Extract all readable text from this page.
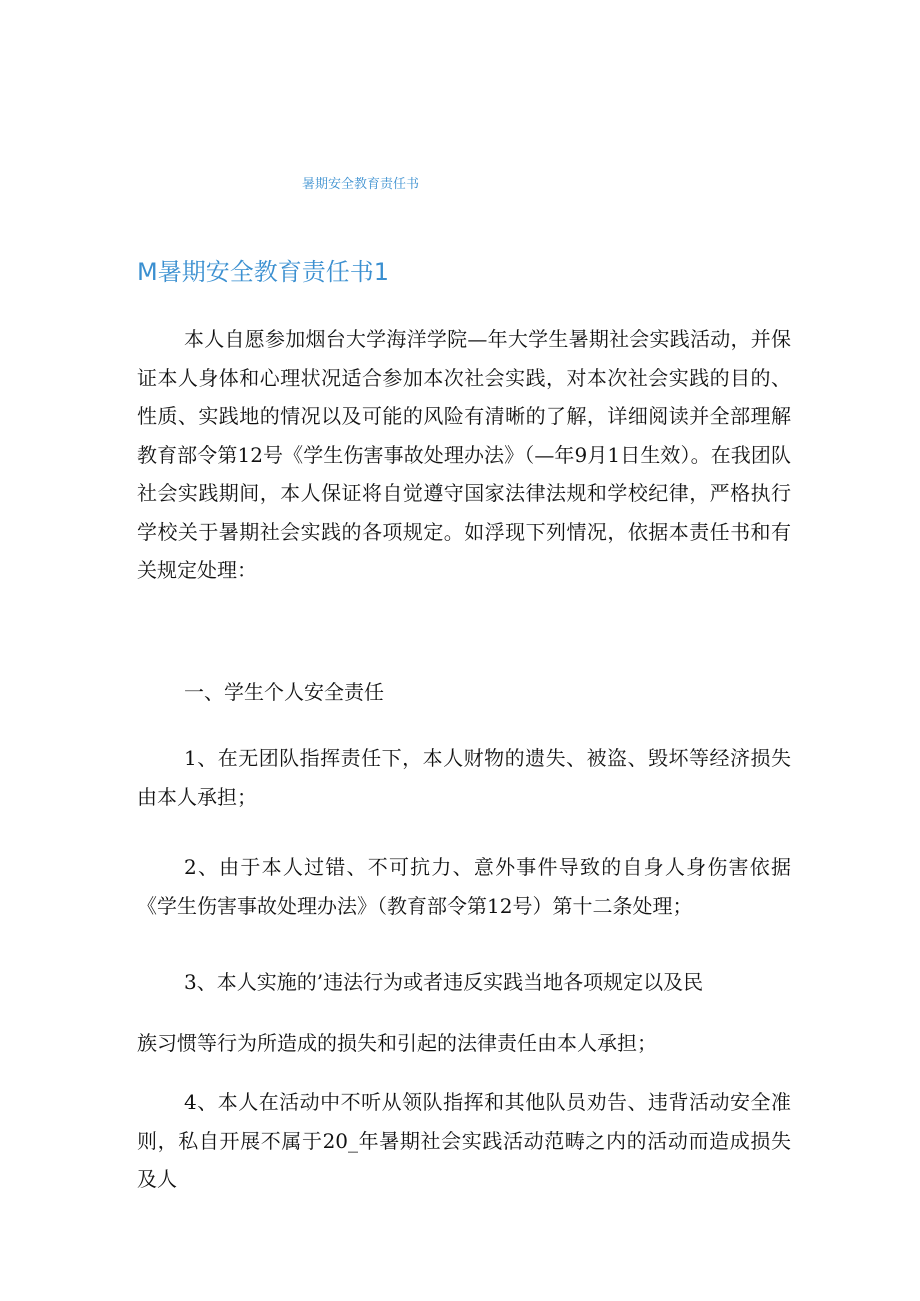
暑期安全教育责任书
M暑期安全教育责任书1

本人自愿参加烟台大学海洋学院—年大学生暑期社会实践活动，并保证本人身体和心理状况适合参加本次社会实践，对本次社会实践的目的、性质、实践地的情况以及可能的风险有清晰的了解，详细阅读并全部理解教育部令第12号《学生伤害事故处理办法》（—年9月1日生效）。在我团队社会实践期间，本人保证将自觉遵守国家法律法规和学校纪律，严格执行学校关于暑期社会实践的各项规定。如浮现下列情况，依据本责任书和有关规定处理：

一、学生个人安全责任

1、在无团队指挥责任下，本人财物的遗失、被盗、毁坏等经济损失由本人承担；

2、由于本人过错、不可抗力、意外事件导致的自身人身伤害依据《学生伤害事故处理办法》（教育部令第12号）第十二条处理；

3、本人实施的’违法行为或者违反实践当地各项规定以及民

族习惯等行为所造成的损失和引起的法律责任由本人承担；

4、本人在活动中不听从领队指挥和其他队员劝告、违背活动安全准则，私自开展不属于20_年暑期社会实践活动范畴之内的活动而造成损失及人
